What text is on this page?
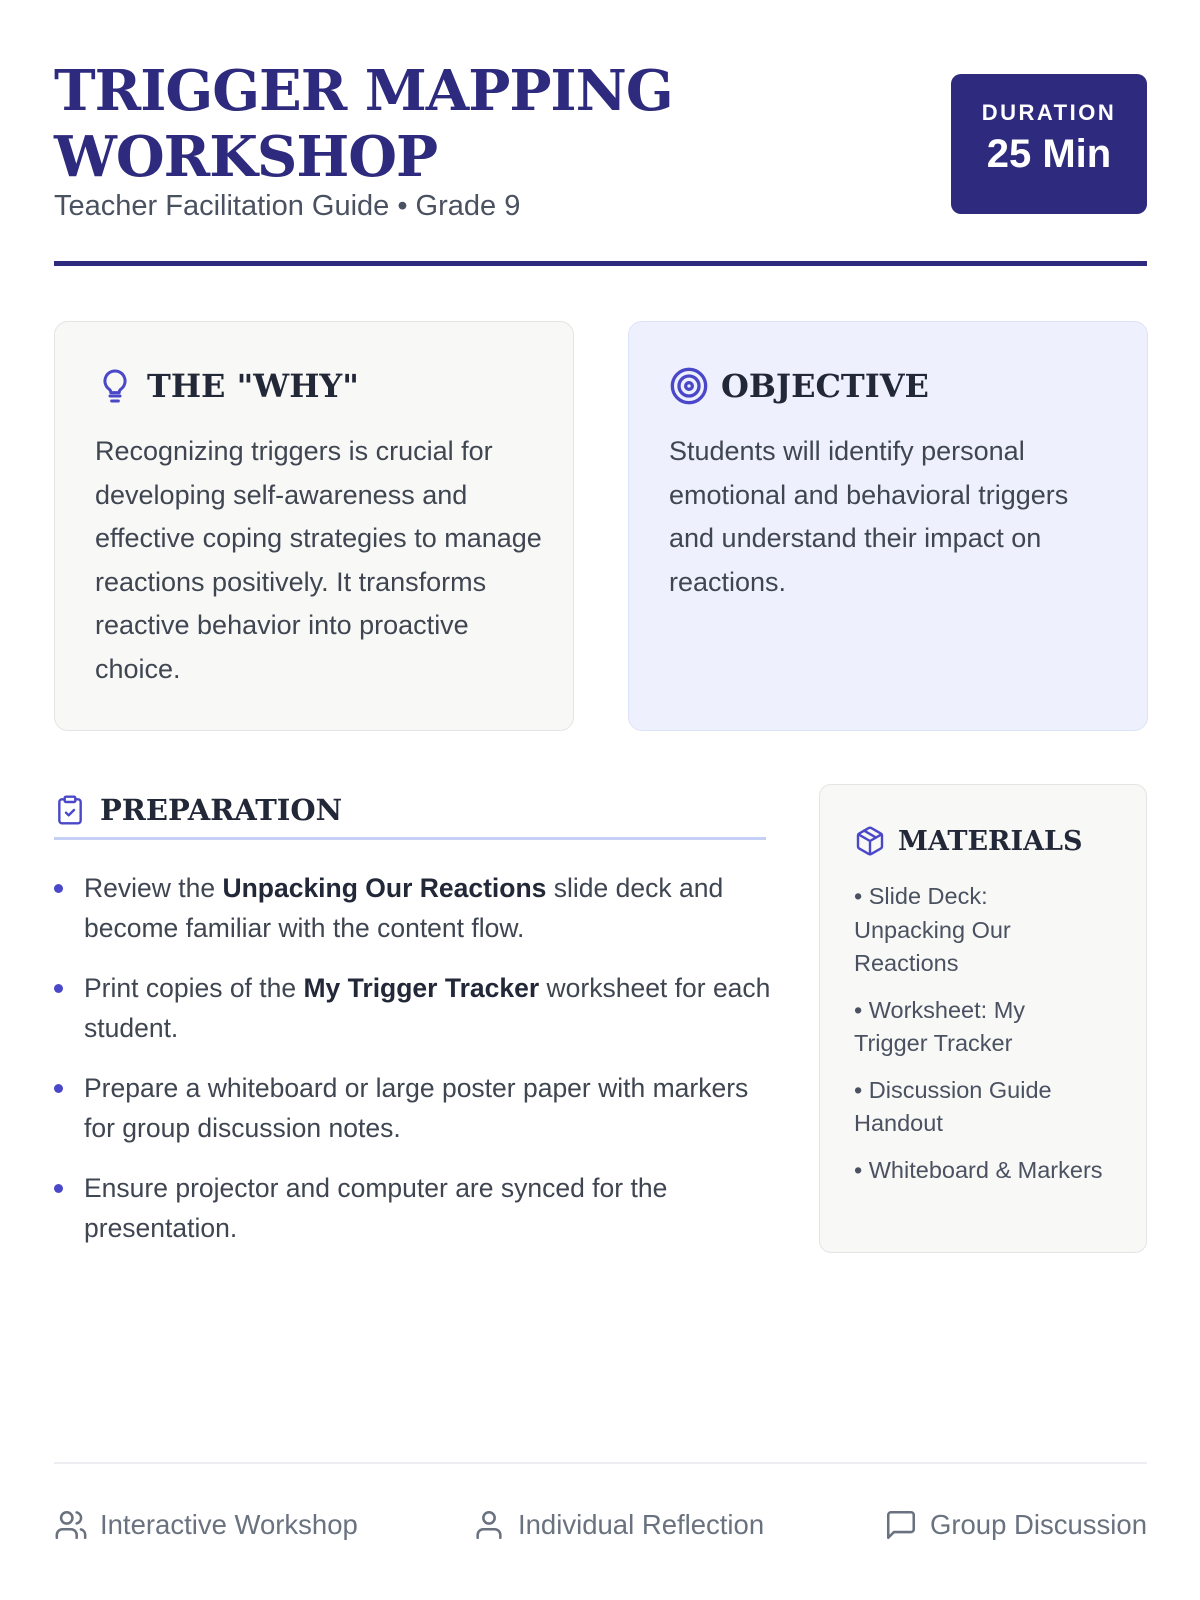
TRIGGER MAPPING
WORKSHOP
Teacher Facilitation Guide • Grade 9
DURATION
25 Min
THE "WHY"

Recognizing triggers is crucial for developing self-awareness and effective coping strategies to manage reactions positively. It transforms reactive behavior into proactive choice.

OBJECTIVE

Students will identify personal emotional and behavioral triggers and understand their impact on reactions.

PREPARATION
Review the Unpacking Our Reactions slide deck and become familiar with the content flow.
Print copies of the My Trigger Tracker worksheet for each student.
Prepare a whiteboard or large poster paper with markers for group discussion notes.
Ensure projector and computer are synced for the presentation.
MATERIALS
• Slide Deck: Unpacking Our Reactions
• Worksheet: My Trigger Tracker
• Discussion Guide Handout
• Whiteboard & Markers
Interactive Workshop	Individual Reflection	Group Discussion
